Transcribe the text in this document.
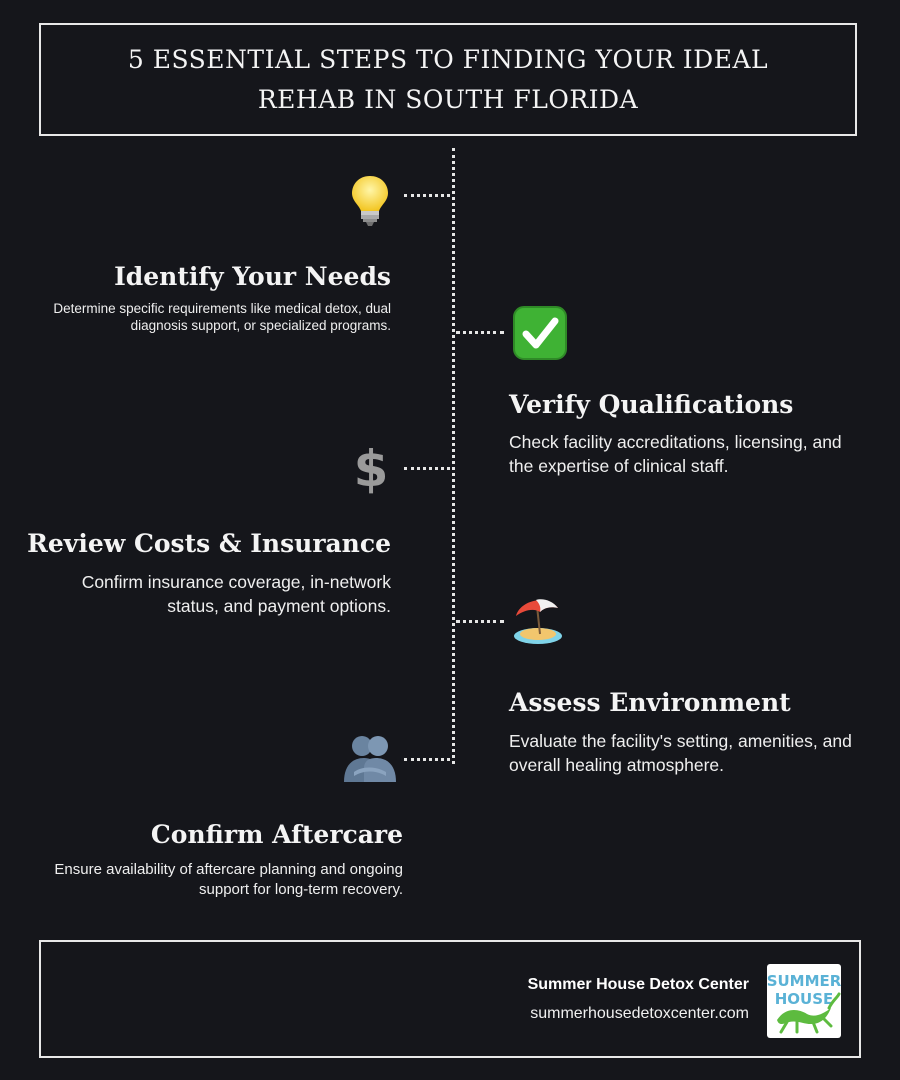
5 ESSENTIAL STEPS TO FINDING YOUR IDEAL REHAB IN SOUTH FLORIDA
Identify Your Needs

Determine specific requirements like medical detox, dual diagnosis support, or specialized programs.

Verify Qualifications

Check facility accreditations, licensing, and the expertise of clinical staff.

$
Review Costs & Insurance

Confirm insurance coverage, in-network status, and payment options.

Assess Environment

Evaluate the facility's setting, amenities, and overall healing atmosphere.

Confirm Aftercare

Ensure availability of aftercare planning and ongoing support for long-term recovery.

Summer House Detox Center
summerhousedetoxcenter.com
SUMMER
HOUSE
